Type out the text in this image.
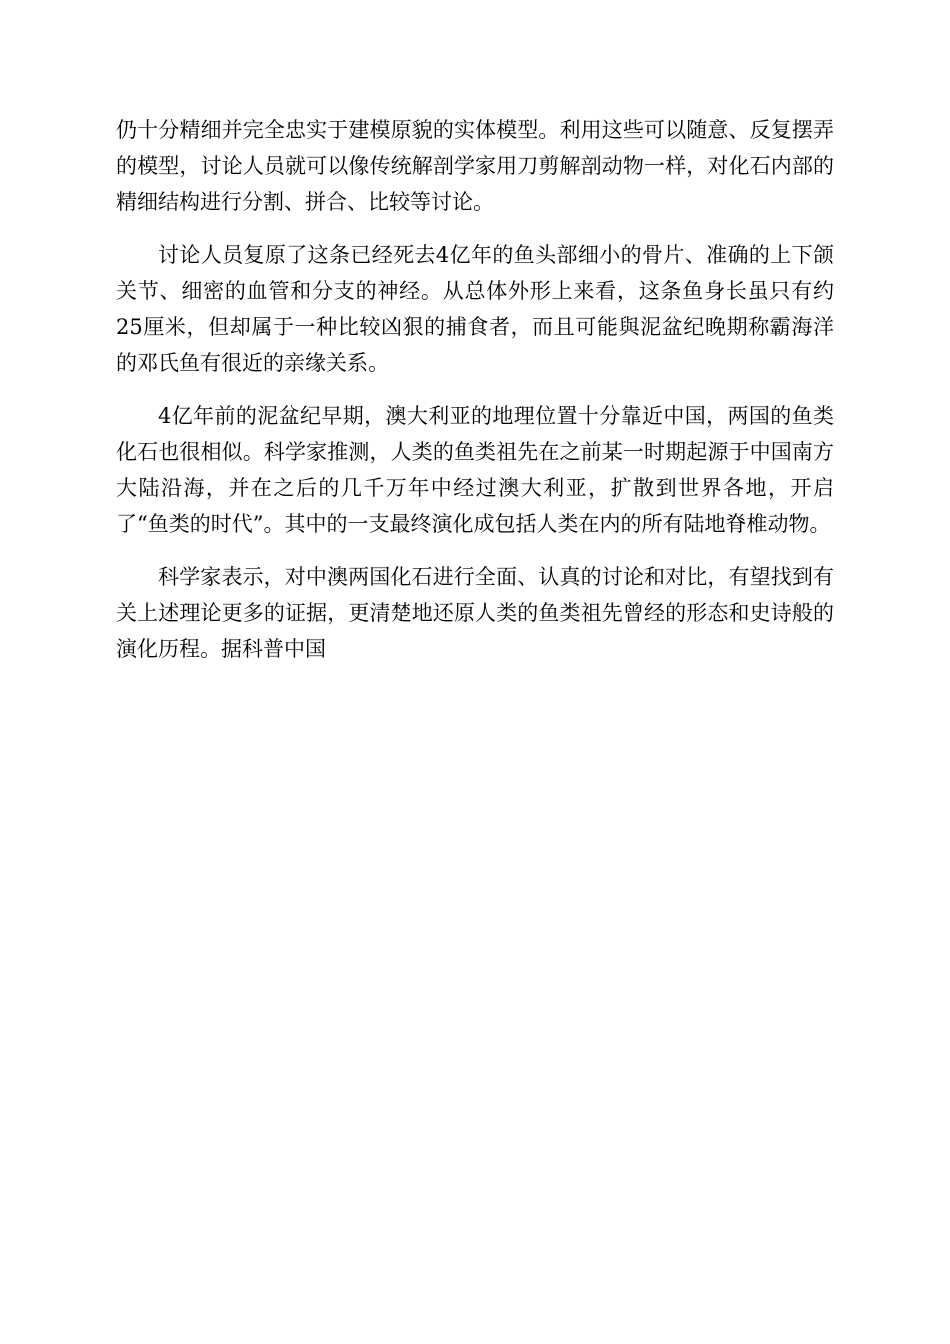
仍十分精细并完全忠实于建模原貌的实体模型。利用这些可以随意、反复摆弄的模型，讨论人员就可以像传统解剖学家用刀剪解剖动物一样，对化石内部的精细结构进行分割、拼合、比较等讨论。

讨论人员复原了这条已经死去4亿年的鱼头部细小的骨片、准确的上下颌关节、细密的血管和分支的神经。从总体外形上来看，这条鱼身长虽只有约25厘米，但却属于一种比较凶狠的捕食者，而且可能與泥盆纪晚期称霸海洋的邓氏鱼有很近的亲缘关系。

4亿年前的泥盆纪早期，澳大利亚的地理位置十分靠近中国，两国的鱼类化石也很相似。科学家推测，人类的鱼类祖先在之前某一时期起源于中国南方大陆沿海，并在之后的几千万年中经过澳大利亚，扩散到世界各地，开启了“鱼类的时代”。其中的一支最终演化成包括人类在内的所有陆地脊椎动物。

科学家表示，对中澳两国化石进行全面、认真的讨论和对比，有望找到有关上述理论更多的证据，更清楚地还原人类的鱼类祖先曾经的形态和史诗般的演化历程。据科普中国
